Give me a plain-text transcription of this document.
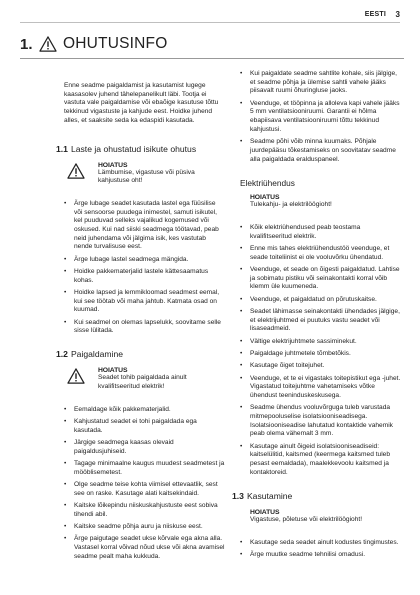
EESTI 3
1.	OHUTUSINFO

Enne seadme paigaldamist ja kasutamist lugege kaasasolev juhend tähelepanelikult läbi. Tootja ei vastuta vale paigaldamise või ebaõige kasutuse tõttu tekkinud vigastuste ja kahjude eest. Hoidke juhend alles, et saaksite seda ka edaspidi kasutada.

1.1 Laste ja ohustatud isikute ohutus
HOIATUS

Lämbumise, vigastuse või püsiva kahjustuse oht!

• Ärge lubage seadet kasutada lastel ega füüsilise või sensoorse puudega inimestel, samuti isikutel, kel puuduvad selleks vajalikud kogemused või oskused. Kui nad siiski seadmega töötavad, peab neid juhendama või jälgima isik, kes vastutab nende turvalisuse eest.
• Ärge lubage lastel seadmega mängida.
• Hoidke pakkematerjalid lastele kättesaamatus kohas.
• Hoidke lapsed ja lemmikloomad seadmest eemal, kui see töötab või maha jahtub. Katmata osad on kuumad.
• Kui seadmel on olemas lapselukk, soovitame selle sisse lülitada.
1.2 Paigaldamine
HOIATUS

Seadet tohib paigaldada ainult kvalifitseeritud elektrik!

• Eemaldage kõik pakkematerjalid.
• Kahjustatud seadet ei tohi paigaldada ega kasutada.
• Järgige seadmega kaasas olevaid paigaldusjuhiseid.
• Tagage minimaalne kaugus muudest seadmetest ja mööblisemetest.
• Olge seadme teise kohta viimisel ettevaatlik, sest see on raske. Kasutage alati kaitsekindaid.
• Kaitske lõikepindu niiskuskahjustuste eest sobiva tihendi abil.
• Kaitske seadme põhja auru ja niiskuse eest.
• Ärge paigutage seadet ukse kõrvale ega akna alla. Vastasel korral võivad nõud ukse või akna avamisel seadme pealt maha kukkuda.
• Kui paigaldate seadme sahtlite kohale, siis jälgige, et seadme põhja ja ülemise sahtli vahele jääks piisavalt ruumi õhuringluse jaoks.
• Veenduge, et tööpinna ja alloleva kapi vahele jääks 5 mm ventilatsiooniruumi. Garantii ei hõlma ebapiisava ventilatsiooniruumi tõttu tekkinud kahjustusi.
• Seadme põhi võib minna kuumaks. Põhjale juurdepääsu tõkestamiseks on soovitatav seadme alla paigaldada eralduspaneel.
Elektriühendus
HOIATUS

Tulekahju- ja elektrilöögioht!

• Kõik elektriühendused peab teostama kvalifitseeritud elektrik.
• Enne mis tahes elektriühendustöö veenduge, et seade toiteliinist ei ole vooluvõrku ühendatud.
• Veenduge, et seade on õigesti paigaldatud. Lahtise ja sobimatu pistiku või seinakontakti korral võib klemm üle kuumeneda.
• Veenduge, et paigaldatud on põrutuskaitse.
• Seadet lähimasse seinakontakti ühendades jälgige, et elektrijuhtmed ei puutuks vastu seadet või lisaseadmeid.
• Vältige elektrijuhtmete sassiminekut.
• Paigaldage juhtmetele tõmbetõkis.
• Kasutage õiget toitejuhet.
• Veenduge, et te ei vigastaks toitepistikut ega -juhet. Vigastatud toitejuhtme vahetamiseks võtke ühendust teeninduskeskusega.
• Seadme ühendus vooluvõrguga tuleb varustada mitmepooluselise isolatsiooniseadisega. Isolatsiooniseadise lahutatud kontaktide vahemik peab olema vähemalt 3 mm.
• Kasutage ainult õigeid isolatsiooniseadiseid: kaitselülitid, kaitsmed (keermega kaitsmed tuleb pesast eemaldada), maalekkevoolu kaitsmed ja kontaktoreid.
1.3 Kasutamine
HOIATUS

Vigastuse, põletuse või elektrilöögioht!

• Kasutage seda seadet ainult kodustes tingimustes.
• Ärge muutke seadme tehnilisi omadusi.
